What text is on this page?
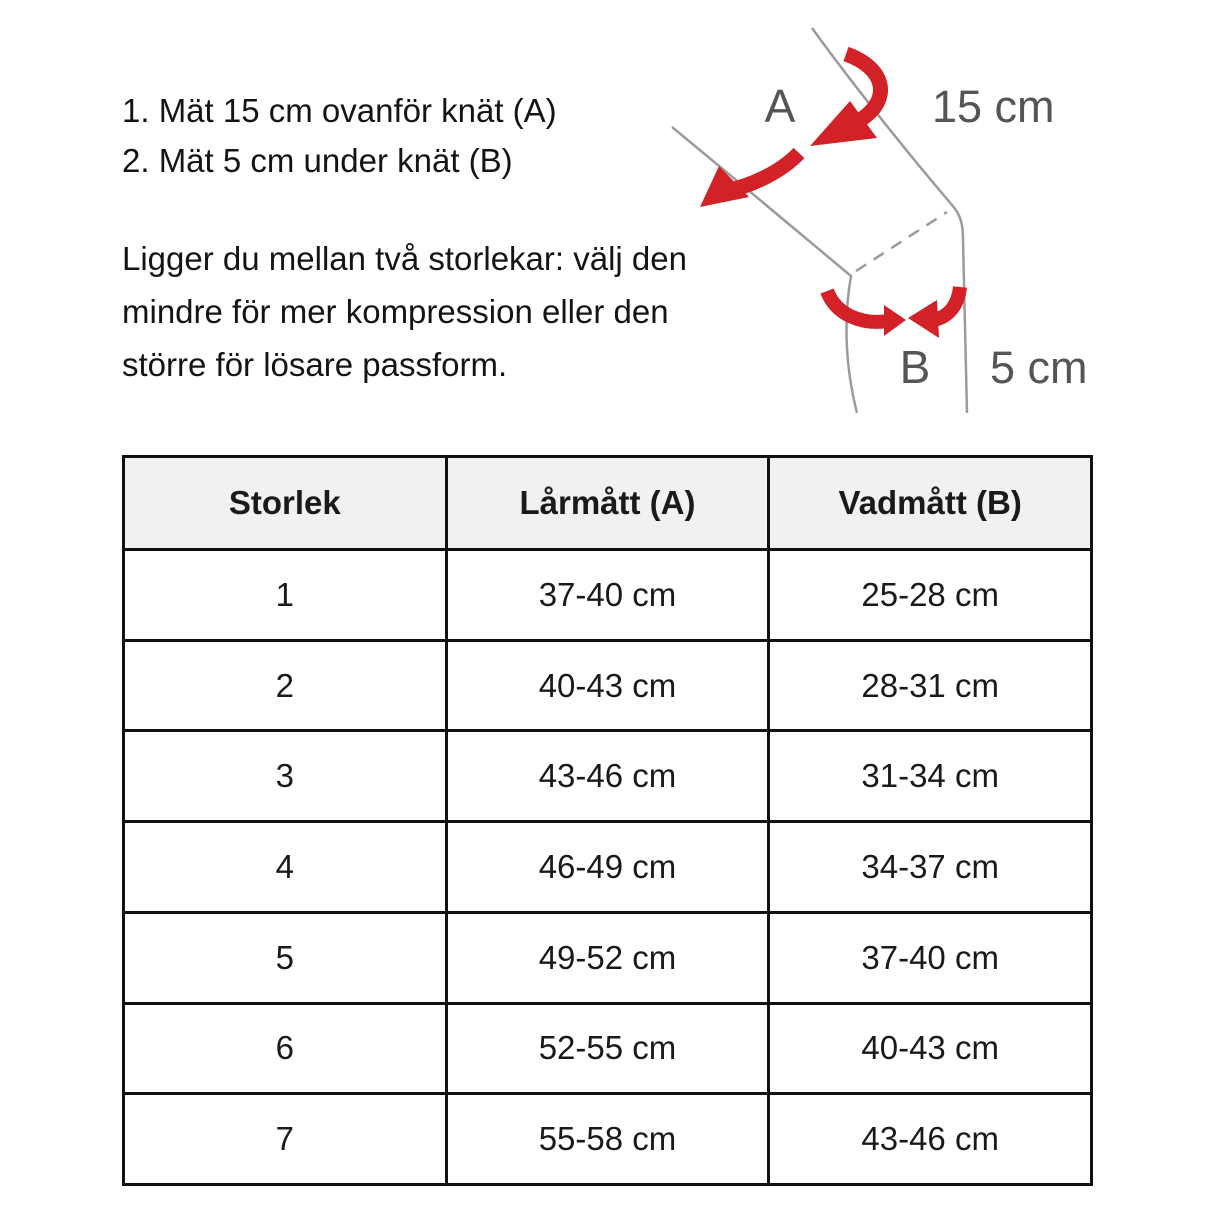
1. Mät 15 cm ovanför knät (A)

2. Mät 5 cm under knät (B)

Ligger du mellan två storlekar: välj den mindre för mer kompression eller den större för lösare passform.

A	15 cm
B 5 cm
Storlek	Lårmått (A)	Vadmått (B)
1	37-40 cm	25-28 cm
2	40-43 cm	28-31 cm
3	43-46 cm	31-34 cm
4	46-49 cm	34-37 cm
5	49-52 cm	37-40 cm
6	52-55 cm	40-43 cm
7	55-58 cm	43-46 cm
